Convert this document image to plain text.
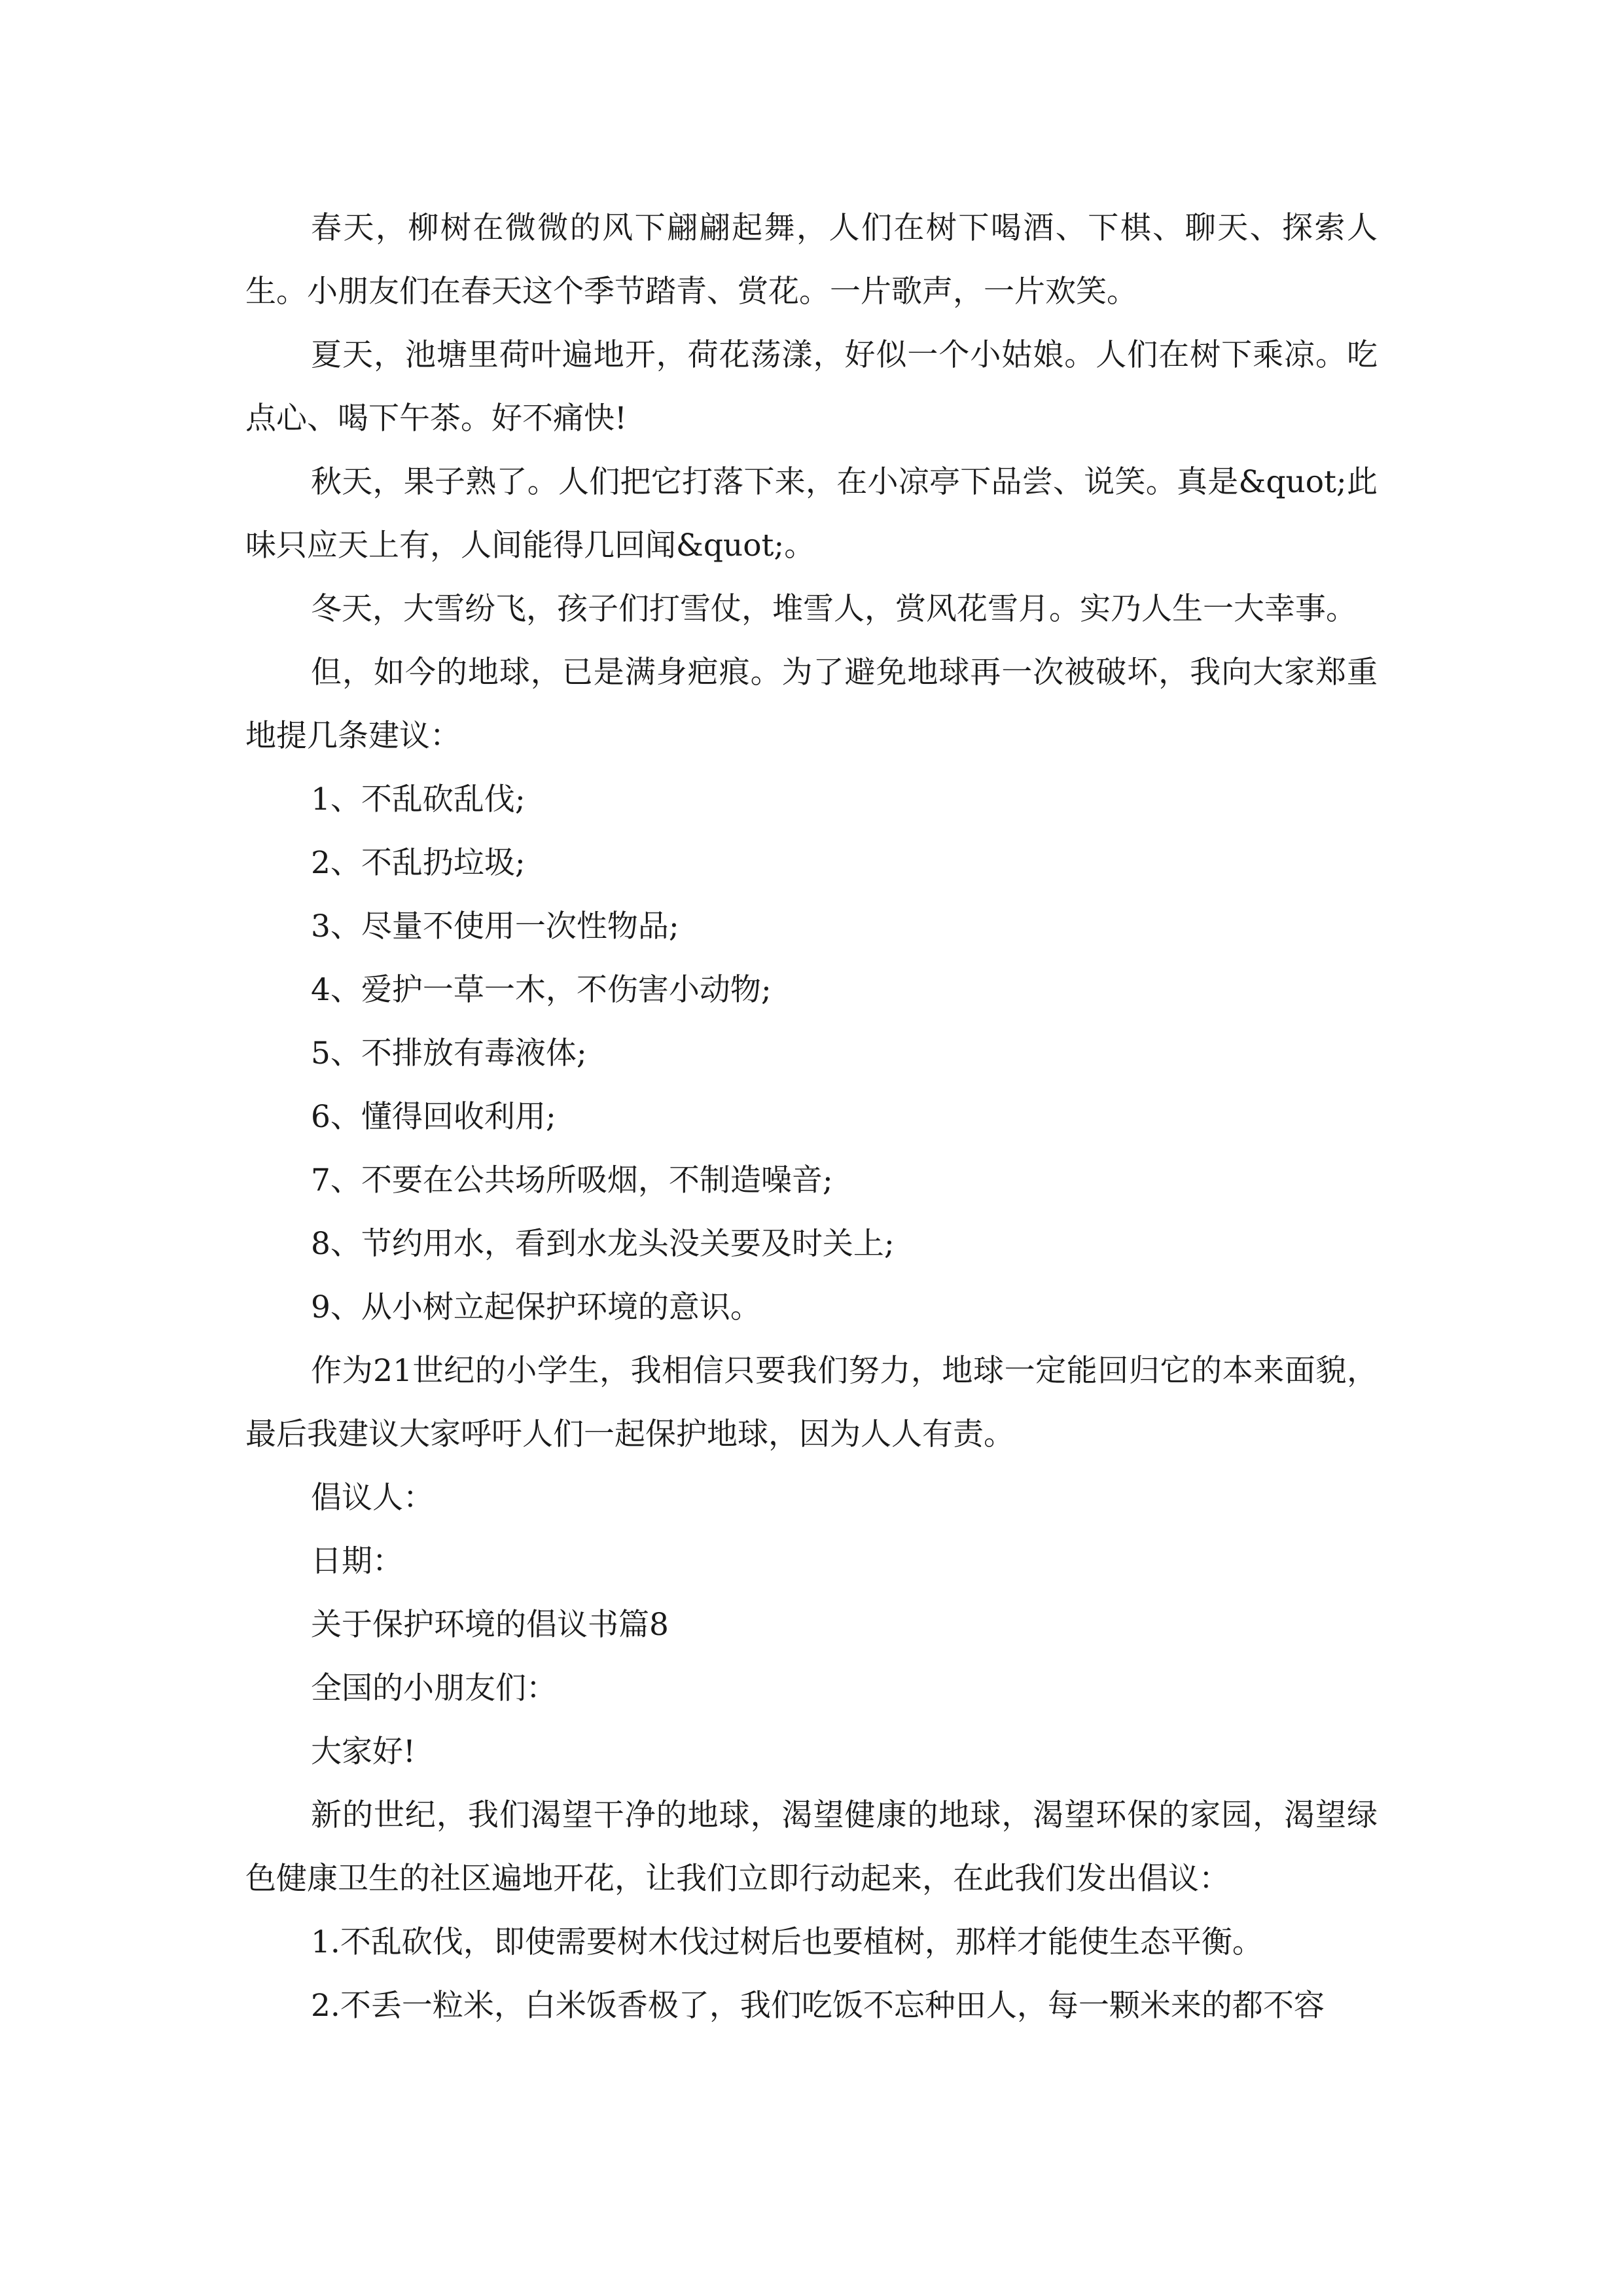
春天，柳树在微微的风下翩翩起舞，人们在树下喝酒、下棋、聊天、探索人生。小朋友们在春天这个季节踏青、赏花。一片歌声，一片欢笑。

夏天，池塘里荷叶遍地开，荷花荡漾，好似一个小姑娘。人们在树下乘凉。吃点心、喝下午茶。好不痛快!

秋天，果子熟了。人们把它打落下来，在小凉亭下品尝、说笑。真是&quot;此味只应天上有，人间能得几回闻&quot;。

冬天，大雪纷飞，孩子们打雪仗，堆雪人，赏风花雪月。实乃人生一大幸事。

但，如今的地球，已是满身疤痕。为了避免地球再一次被破坏，我向大家郑重地提几条建议：

1、不乱砍乱伐;

2、不乱扔垃圾;

3、尽量不使用一次性物品;

4、爱护一草一木，不伤害小动物;

5、不排放有毒液体;

6、懂得回收利用;

7、不要在公共场所吸烟，不制造噪音;

8、节约用水，看到水龙头没关要及时关上;

9、从小树立起保护环境的意识。

作为21世纪的小学生，我相信只要我们努力，地球一定能回归它的本来面貌，最后我建议大家呼吁人们一起保护地球，因为人人有责。

倡议人：

日期：

关于保护环境的倡议书篇8

全国的小朋友们：

大家好!

新的世纪，我们渴望干净的地球，渴望健康的地球，渴望环保的家园，渴望绿色健康卫生的社区遍地开花，让我们立即行动起来，在此我们发出倡议：

1.不乱砍伐，即使需要树木伐过树后也要植树，那样才能使生态平衡。

2.不丢一粒米，白米饭香极了，我们吃饭不忘种田人，每一颗米来的都不容
